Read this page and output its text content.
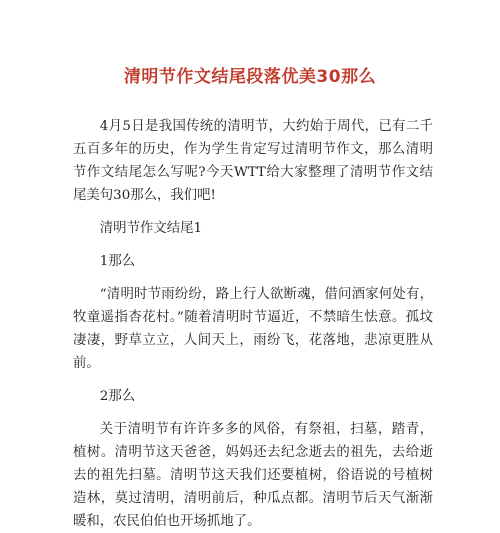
清明节作文结尾段落优美30那么

4月5日是我国传统的清明节，大约始于周代，已有二千五百多年的历史，作为学生肯定写过清明节作文，那么清明节作文结尾怎么写呢?今天WTT给大家整理了清明节作文结尾美句30那么，我们吧!

清明节作文结尾1

1那么

“清明时节雨纷纷，路上行人欲断魂，借问酒家何处有，牧童遥指杏花村。”随着清明时节逼近，不禁暗生怯意。孤坟凄凄，野草立立，人间天上，雨纷飞，花落地，悲凉更胜从前。

2那么

关于清明节有许许多多的风俗，有祭祖，扫墓，踏青，植树。清明节这天爸爸，妈妈还去纪念逝去的祖先，去给逝去的祖先扫墓。清明节这天我们还要植树，俗语说的号植树造林，莫过清明，清明前后，种瓜点都。清明节后天气渐渐暖和，农民伯伯也开场抓地了。
